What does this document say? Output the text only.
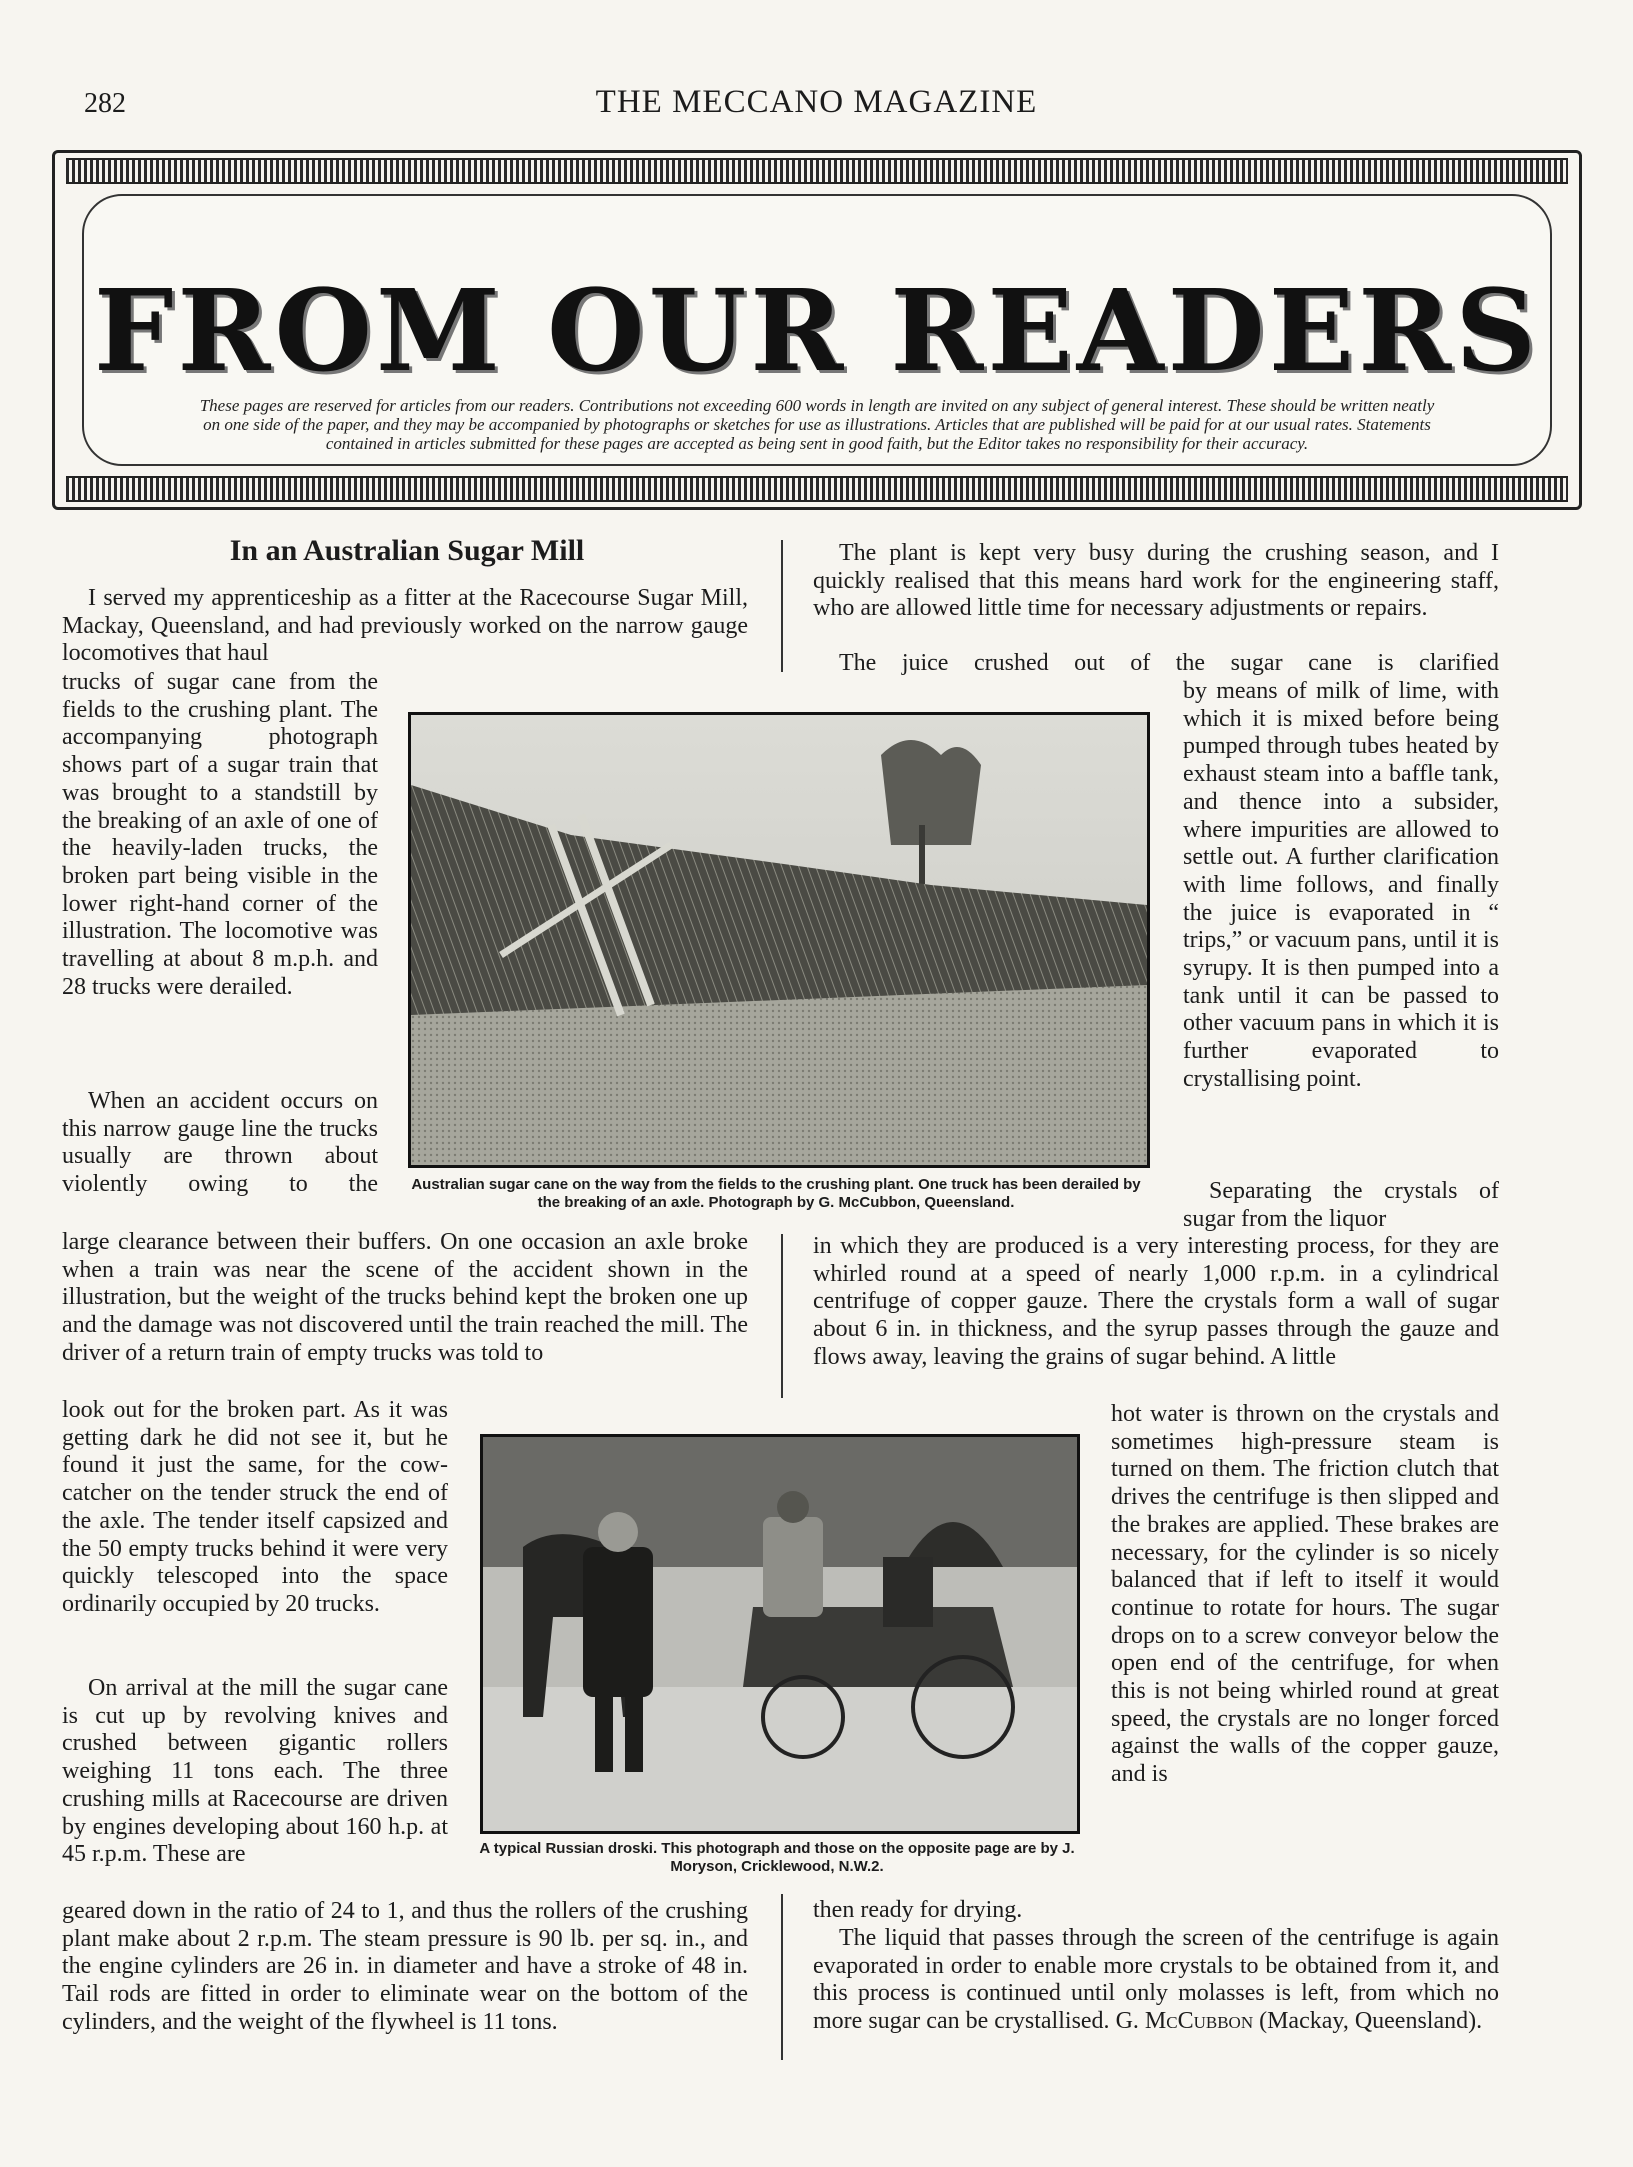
282	THE MECCANO MAGAZINE
FROM OUR READERS
These pages are reserved for articles from our readers. Contributions not exceeding 600 words in length are invited on any subject of general interest. These should be written neatly on one side of the paper, and they may be accompanied by photographs or sketches for use as illustrations. Articles that are published will be paid for at our usual rates. Statements contained in articles submitted for these pages are accepted as being sent in good faith, but the Editor takes no responsibility for their accuracy.
In an Australian Sugar Mill
I served my apprenticeship as a fitter at the Racecourse Sugar Mill, Mackay, Queensland, and had previously worked on the narrow gauge locomotives that haul
trucks of sugar cane from the fields to the crushing plant. The accompanying photograph shows part of a sugar train that was brought to a standstill by the breaking of an axle of one of the heavily-laden trucks, the broken part being visible in the lower right-hand corner of the illustration. The locomotive was travelling at about 8 m.p.h. and 28 trucks were derailed.
When an accident occurs on this narrow gauge line the trucks usually are thrown about violently owing to the
large clearance between their buffers. On one occasion an axle broke when a train was near the scene of the accident shown in the illustration, but the weight of the trucks behind kept the broken one up and the damage was not discovered until the train reached the mill. The driver of a return train of empty trucks was told to
look out for the broken part. As it was getting dark he did not see it, but he found it just the same, for the cow-catcher on the tender struck the end of the axle. The tender itself capsized and the 50 empty trucks behind it were very quickly telescoped into the space ordinarily occupied by 20 trucks.
On arrival at the mill the sugar cane is cut up by revolving knives and crushed between gigantic rollers weighing 11 tons each. The three crushing mills at Racecourse are driven by engines developing about 160 h.p. at 45 r.p.m. These are
geared down in the ratio of 24 to 1, and thus the rollers of the crushing plant make about 2 r.p.m. The steam pressure is 90 lb. per sq. in., and the engine cylinders are 26 in. in diameter and have a stroke of 48 in. Tail rods are fitted in order to eliminate wear on the bottom of the cylinders, and the weight of the flywheel is 11 tons.
Australian sugar cane on the way from the fields to the crushing plant. One truck has been derailed by the breaking of an axle. Photograph by G. McCubbon, Queensland.
A typical Russian droski. This photograph and those on the opposite page are by J. Moryson, Cricklewood, N.W.2.
The plant is kept very busy during the crushing season, and I quickly realised that this means hard work for the engineering staff, who are allowed little time for necessary adjustments or repairs.
The juice crushed out of the sugar cane is clarified
by means of milk of lime, with which it is mixed before being pumped through tubes heated by exhaust steam into a baffle tank, and thence into a subsider, where impurities are allowed to settle out. A further clarification with lime follows, and finally the juice is evaporated in “ trips,” or vacuum pans, until it is syrupy. It is then pumped into a tank until it can be passed to other vacuum pans in which it is further evaporated to crystallising point.
Separating the crystals of sugar from the liquor
in which they are produced is a very interesting process, for they are whirled round at a speed of nearly 1,000 r.p.m. in a cylindrical centrifuge of copper gauze. There the crystals form a wall of sugar about 6 in. in thickness, and the syrup passes through the gauze and flows away, leaving the grains of sugar behind. A little
hot water is thrown on the crystals and sometimes high-pressure steam is turned on them. The friction clutch that drives the centrifuge is then slipped and the brakes are applied. These brakes are necessary, for the cylinder is so nicely balanced that if left to itself it would continue to rotate for hours. The sugar drops on to a screw conveyor below the open end of the centrifuge, for when this is not being whirled round at great speed, the crystals are no longer forced against the walls of the copper gauze, and is
then ready for drying.

The liquid that passes through the screen of the centrifuge is again evaporated in order to enable more crystals to be obtained from it, and this process is continued until only molasses is left, from which no more sugar can be crystallised. G. McCubbon (Mackay, Queensland).
